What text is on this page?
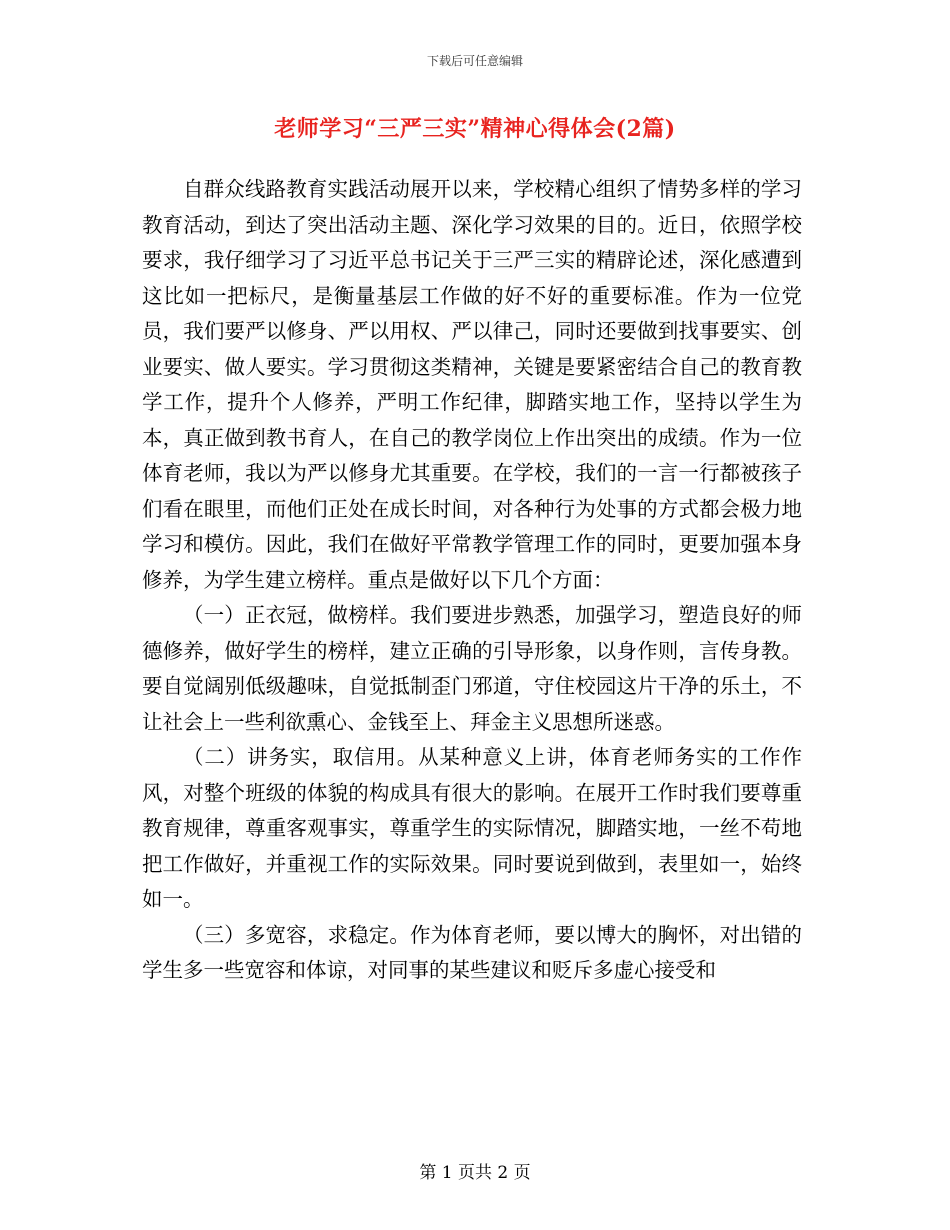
下载后可任意编辑
老师学习“三严三实”精神心得体会(2篇)

自群众线路教育实践活动展开以来，学校精心组织了情势多样的学习教育活动，到达了突出活动主题、深化学习效果的目的。近日，依照学校要求，我仔细学习了习近平总书记关于三严三实的精辟论述，深化感遭到这比如一把标尺，是衡量基层工作做的好不好的重要标准。作为一位党员，我们要严以修身、严以用权、严以律己，同时还要做到找事要实、创业要实、做人要实。学习贯彻这类精神，关键是要紧密结合自己的教育教学工作，提升个人修养，严明工作纪律，脚踏实地工作，坚持以学生为本，真正做到教书育人，在自己的教学岗位上作出突出的成绩。作为一位体育老师，我以为严以修身尤其重要。在学校，我们的一言一行都被孩子们看在眼里，而他们正处在成长时间，对各种行为处事的方式都会极力地学习和模仿。因此，我们在做好平常教学管理工作的同时，更要加强本身修养，为学生建立榜样。重点是做好以下几个方面：

（一）正衣冠，做榜样。我们要进步熟悉，加强学习，塑造良好的师德修养，做好学生的榜样，建立正确的引导形象，以身作则，言传身教。要自觉阔别低级趣味，自觉抵制歪门邪道，守住校园这片干净的乐土，不让社会上一些利欲熏心、金钱至上、拜金主义思想所迷惑。

（二）讲务实，取信用。从某种意义上讲，体育老师务实的工作作风，对整个班级的体貌的构成具有很大的影响。在展开工作时我们要尊重教育规律，尊重客观事实，尊重学生的实际情况，脚踏实地，一丝不苟地把工作做好，并重视工作的实际效果。同时要说到做到，表里如一，始终如一。

（三）多宽容，求稳定。作为体育老师，要以博大的胸怀，对出错的学生多一些宽容和体谅，对同事的某些建议和贬斥多虚心接受和

第 1 页共 2 页
